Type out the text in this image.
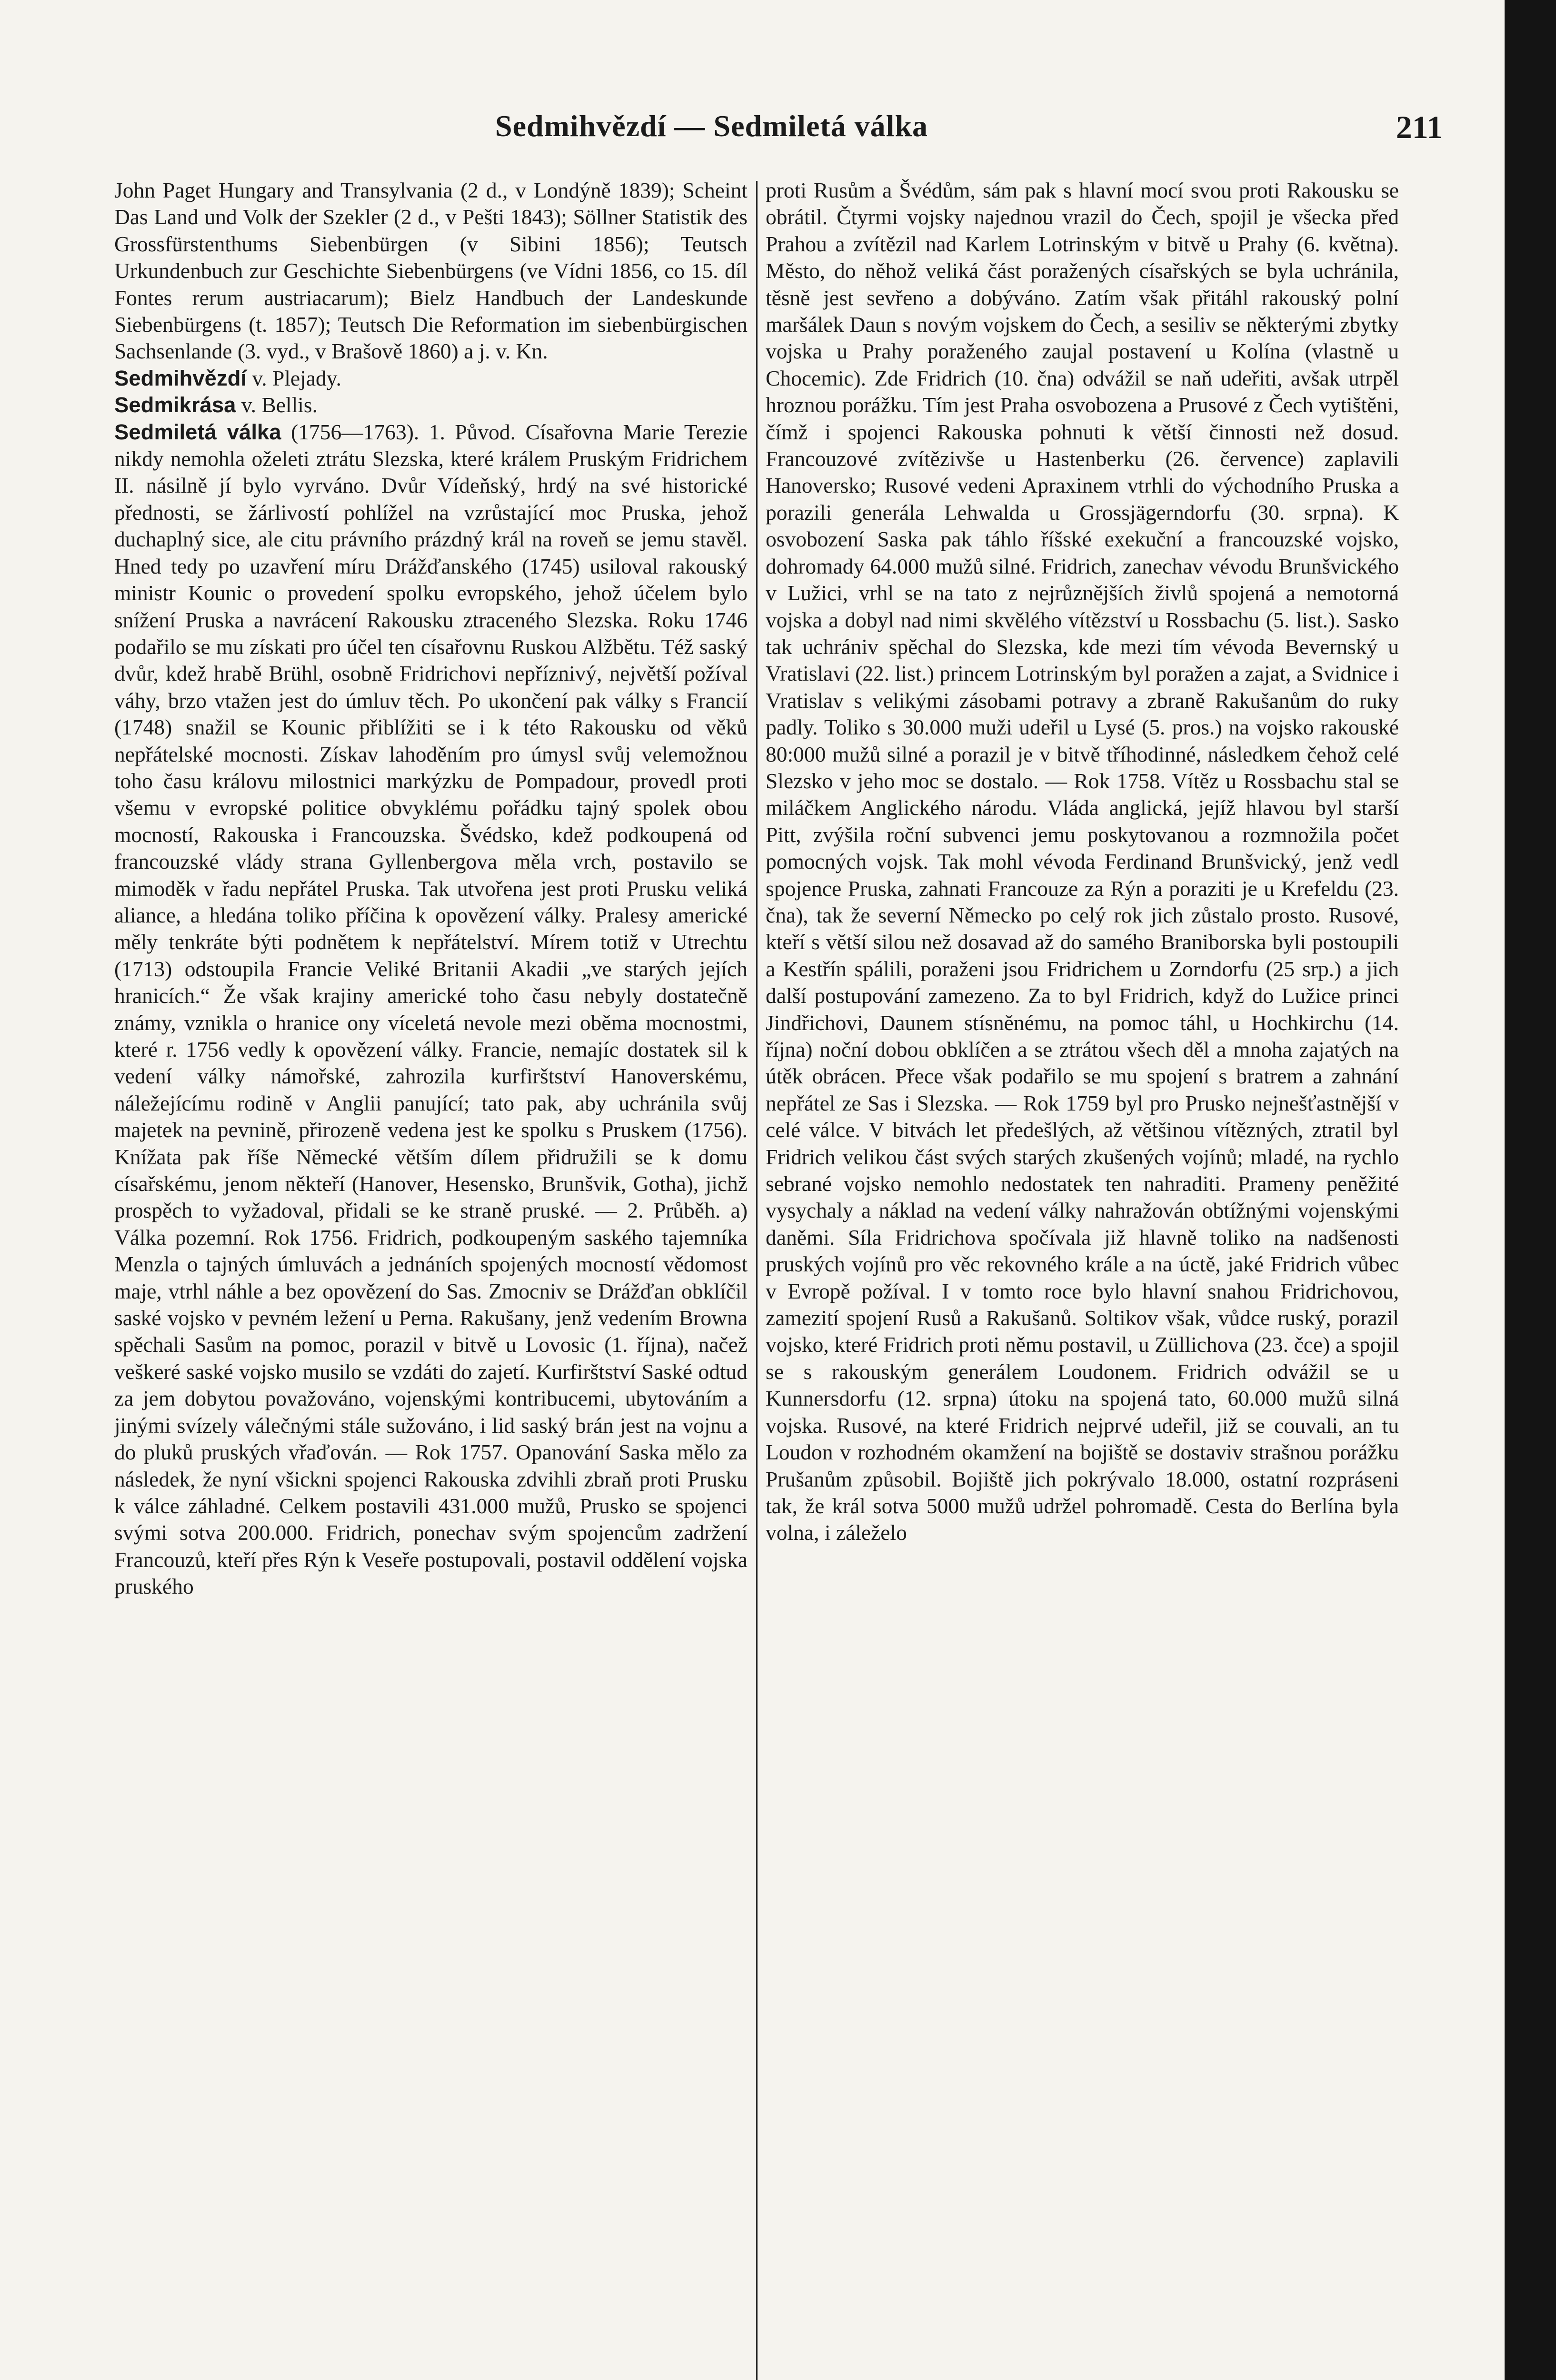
Sedmihvězdí — Sedmiletá válka	211

John Paget Hungary and Transylvania (2 d., v Londýně 1839); Scheint Das Land und Volk der Szekler (2 d., v Pešti 1843); Söllner Statistik des Grossfürstenthums Siebenbürgen (v Sibini 1856); Teutsch Urkundenbuch zur Geschichte Siebenbürgens (ve Vídni 1856, co 15. díl Fontes rerum austriacarum); Bielz Handbuch der Landeskunde Siebenbürgens (t. 1857); Teutsch Die Reformation im siebenbürgischen Sachsenlande (3. vyd., v Brašově 1860) a j. v. Kn.

Sedmihvězdí v. Plejady.

Sedmikrása v. Bellis.

Sedmiletá válka (1756—1763). 1. Původ. Císařovna Marie Terezie nikdy nemohla oželeti ztrátu Slezska, které králem Pruským Fridrichem II. násilně jí bylo vyrváno. Dvůr Vídeňský, hrdý na své historické přednosti, se žárlivostí pohlížel na vzrůstající moc Pruska, jehož duchaplný sice, ale citu právního prázdný král na roveň se jemu stavěl. Hned tedy po uzavření míru Drážďanského (1745) usiloval rakouský ministr Kounic o provedení spolku evropského, jehož účelem bylo snížení Pruska a navrácení Rakousku ztraceného Slezska. Roku 1746 podařilo se mu získati pro účel ten císařovnu Ruskou Alžbětu. Též saský dvůr, kdež hrabě Brühl, osobně Fridrichovi nepříznivý, největší požíval váhy, brzo vtažen jest do úmluv těch. Po ukončení pak války s Francií (1748) snažil se Kounic přiblížiti se i k této Rakousku od věků nepřátelské mocnosti. Získav lahoděním pro úmysl svůj velemožnou toho času královu milostnici markýzku de Pompadour, provedl proti všemu v evropské politice obvyklému pořádku tajný spolek obou mocností, Rakouska i Francouzska. Švédsko, kdež podkoupená od francouzské vlády strana Gyllenbergova měla vrch, postavilo se mimoděk v řadu nepřátel Pruska. Tak utvořena jest proti Prusku veliká aliance, a hledána toliko příčina k opovězení války. Pralesy americké měly tenkráte býti podnětem k nepřátelství. Mírem totiž v Utrechtu (1713) odstoupila Francie Veliké Britanii Akadii „ve starých jejích hranicích.“ Že však krajiny americké toho času nebyly dostatečně známy, vznikla o hranice ony víceletá nevole mezi oběma mocnostmi, které r. 1756 vedly k opovězení války. Francie, nemajíc dostatek sil k vedení války námořské, zahrozila kurfirštství Hanoverskému, náležejícímu rodině v Anglii panující; tato pak, aby uchránila svůj majetek na pevnině, přirozeně vedena jest ke spolku s Pruskem (1756). Knížata pak říše Německé větším dílem přidružili se k domu císařskému, jenom někteří (Hanover, Hesensko, Brunšvik, Gotha), jichž prospěch to vyžadoval, přidali se ke straně pruské. — 2. Průběh. a) Válka pozemní. Rok 1756. Fridrich, podkoupeným saského tajemníka Menzla o tajných úmluvách a jednáních spojených mocností vědomost maje, vtrhl náhle a bez opovězení do Sas. Zmocniv se Drážďan obklíčil saské vojsko v pevném ležení u Perna. Rakušany, jenž vedením Browna spěchali Sasům na pomoc, porazil v bitvě u Lovosic (1. října), načež veškeré saské vojsko musilo se vzdáti do zajetí. Kurfirštství Saské odtud za jem dobytou považováno, vojenskými kontribucemi, ubytováním a jinými svízely válečnými stále sužováno, i lid saský brán jest na vojnu a do pluků pruských vřaďován. — Rok 1757. Opanování Saska mělo za následek, že nyní všickni spojenci Rakouska zdvihli zbraň proti Prusku k válce záhladné. Celkem postavili 431.000 mužů, Prusko se spojenci svými sotva 200.000. Fridrich, ponechav svým spojencům zadržení Francouzů, kteří přes Rýn k Veseře postupovali, postavil oddělení vojska pruského

proti Rusům a Švédům, sám pak s hlavní mocí svou proti Rakousku se obrátil. Čtyrmi vojsky najednou vrazil do Čech, spojil je všecka před Prahou a zvítězil nad Karlem Lotrinským v bitvě u Prahy (6. května). Město, do něhož veliká část poražených císařských se byla uchránila, těsně jest sevřeno a dobýváno. Zatím však přitáhl rakouský polní maršálek Daun s novým vojskem do Čech, a sesiliv se některými zbytky vojska u Prahy poraženého zaujal postavení u Kolína (vlastně u Chocemic). Zde Fridrich (10. čna) odvážil se naň udeřiti, avšak utrpěl hroznou porážku. Tím jest Praha osvobozena a Prusové z Čech vytištěni, čímž i spojenci Rakouska pohnuti k větší činnosti než dosud. Francouzové zvítězivše u Hastenberku (26. července) zaplavili Hanoversko; Rusové vedeni Apraxinem vtrhli do východního Pruska a porazili generála Lehwalda u Grossjägerndorfu (30. srpna). K osvobození Saska pak táhlo říšské exekuční a francouzské vojsko, dohromady 64.000 mužů silné. Fridrich, zanechav vévodu Brunšvického v Lužici, vrhl se na tato z nejrůznějších živlů spojená a nemotorná vojska a dobyl nad nimi skvělého vítězství u Rossbachu (5. list.). Sasko tak uchrániv spěchal do Slezska, kde mezi tím vévoda Bevernský u Vratislavi (22. list.) princem Lotrinským byl poražen a zajat, a Svidnice i Vratislav s velikými zásobami potravy a zbraně Rakušanům do ruky padly. Toliko s 30.000 muži udeřil u Lysé (5. pros.) na vojsko rakouské 80:000 mužů silné a porazil je v bitvě tříhodinné, následkem čehož celé Slezsko v jeho moc se dostalo. — Rok 1758. Vítěz u Rossbachu stal se miláčkem Anglického národu. Vláda anglická, jejíž hlavou byl starší Pitt, zvýšila roční subvenci jemu poskytovanou a rozmnožila počet pomocných vojsk. Tak mohl vévoda Ferdinand Brunšvický, jenž vedl spojence Pruska, zahnati Francouze za Rýn a poraziti je u Krefeldu (23. čna), tak že severní Německo po celý rok jich zůstalo prosto. Rusové, kteří s větší silou než dosavad až do samého Braniborska byli postoupili a Kestřín spálili, poraženi jsou Fridrichem u Zorndorfu (25 srp.) a jich další postupování zamezeno. Za to byl Fridrich, když do Lužice princi Jindřichovi, Daunem stísněnému, na pomoc táhl, u Hochkirchu (14. října) noční dobou obklíčen a se ztrátou všech děl a mnoha zajatých na útěk obrácen. Přece však podařilo se mu spojení s bratrem a zahnání nepřátel ze Sas i Slezska. — Rok 1759 byl pro Prusko nejnešťastnější v celé válce. V bitvách let předešlých, až většinou vítězných, ztratil byl Fridrich velikou část svých starých zkušených vojínů; mladé, na rychlo sebrané vojsko nemohlo nedostatek ten nahraditi. Prameny peněžité vysychaly a náklad na vedení války nahražován obtížnými vojenskými daněmi. Síla Fridrichova spočívala již hlavně toliko na nadšenosti pruských vojínů pro věc rekovného krále a na úctě, jaké Fridrich vůbec v Evropě požíval. I v tomto roce bylo hlavní snahou Fridrichovou, zamezití spojení Rusů a Rakušanů. Soltikov však, vůdce ruský, porazil vojsko, které Fridrich proti němu postavil, u Züllichova (23. čce) a spojil se s rakouským generálem Loudonem. Fridrich odvážil se u Kunnersdorfu (12. srpna) útoku na spojená tato, 60.000 mužů silná vojska. Rusové, na které Fridrich nejprvé udeřil, již se couvali, an tu Loudon v rozhodném okamžení na bojiště se dostaviv strašnou porážku Prušanům způsobil. Bojiště jich pokrývalo 18.000, ostatní rozpráseni tak, že král sotva 5000 mužů udržel pohromadě. Cesta do Berlína byla volna, i záleželo
